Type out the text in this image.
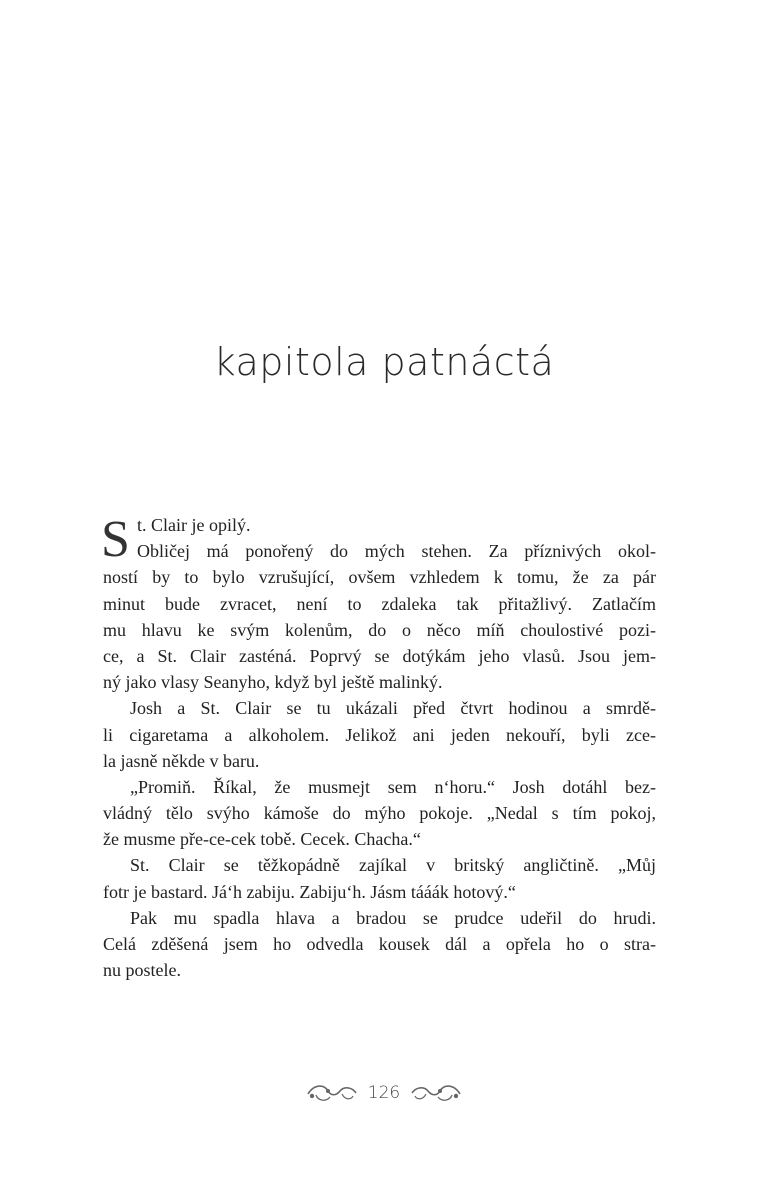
kapitola patnáctá
S t. Clair je opilý.
Obličej má ponořený do mých stehen. Za příznivých okol-
ností by to bylo vzrušující, ovšem vzhledem k tomu, že za pár
minut bude zvracet, není to zdaleka tak přitažlivý. Zatlačím
mu hlavu ke svým kolenům, do o něco míň choulostivé pozi-
ce, a St. Clair zasténá. Poprvý se dotýkám jeho vlasů. Jsou jem-
ný jako vlasy Seanyho, když byl ještě malinký.
Josh a St. Clair se tu ukázali před čtvrt hodinou a smrdě-
li cigaretama a alkoholem. Jelikož ani jeden nekouří, byli zce-
la jasně někde v baru.
„Promiň. Říkal, že musmejt sem n‘horu.“ Josh dotáhl bez-
vládný tělo svýho kámoše do mýho pokoje. „Nedal s tím pokoj,
že musme pře-ce-cek tobě. Cecek. Chacha.“
St. Clair se těžkopádně zajíkal v britský angličtině. „Můj
fotr je bastard. Já‘h zabiju. Zabiju‘h. Jásm tááák hotový.“
Pak mu spadla hlava a bradou se prudce udeřil do hrudi.
Celá zděšená jsem ho odvedla kousek dál a opřela ho o stra-
nu postele.
126
